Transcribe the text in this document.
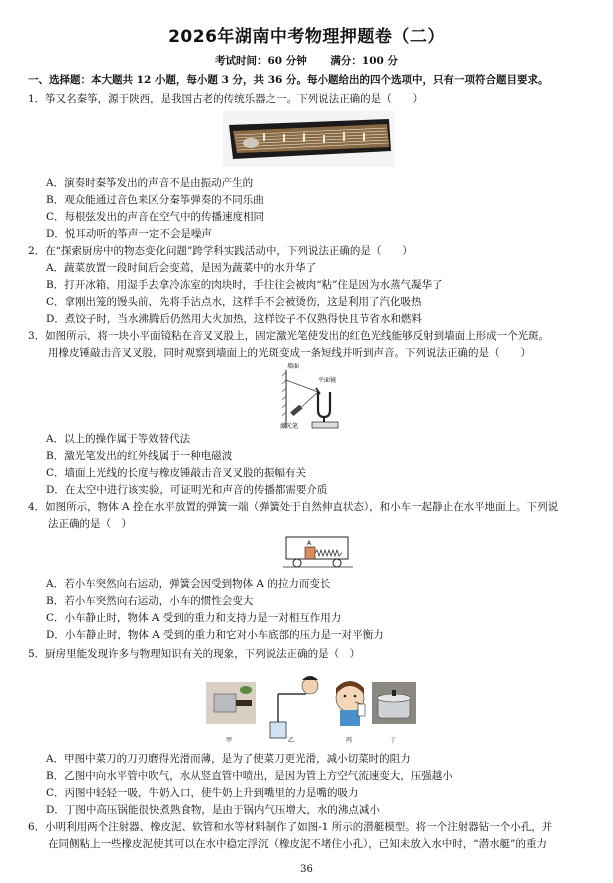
2026年湖南中考物理押题卷（二）
考试时间：60 分钟 满分：100 分
一、选择题：本大题共 12 小题，每小题 3 分，共 36 分。每小题给出的四个选项中，只有一项符合题目要求。
1．筝又名秦筝，源于陕西，是我国古老的传统乐器之一。下列说法正确的是（　　）
A．演奏时秦筝发出的声音不是由振动产生的
B．观众能通过音色来区分秦筝弹奏的不同乐曲
C．每根弦发出的声音在空气中的传播速度相同
D．悦耳动听的筝声一定不会是噪声
2．在“探索厨房中的物态变化问题”跨学科实践活动中，下列说法正确的是（　　）
A．蔬菜放置一段时间后会变蔫，是因为蔬菜中的水升华了
B．打开冰箱，用湿手去拿冷冻室的肉块时，手往往会被肉“粘”住是因为水蒸气凝华了
C．拿刚出笼的馒头前，先将手沾点水，这样手不会被烫伤，这是利用了汽化吸热
D．煮饺子时，当水沸腾后仍然用大火加热，这样饺子不仅熟得快且节省水和燃料
3．如图所示，将一块小平面镜粘在音叉叉股上，固定激光笔使发出的红色光线能够反射到墙面上形成一个光斑。
用橡皮锤敲击音叉叉股，同时观察到墙面上的光斑变成一条短线并听到声音。下列说法正确的是（　　）
墙面
平面镜
激光笔
A．以上的操作属于等效替代法
B．激光笔发出的红外线属于一种电磁波
C．墙面上光线的长度与橡皮锤敲击音叉叉股的振幅有关
D．在太空中进行该实验，可证明光和声音的传播都需要介质
4．如图所示，物体 A 拴在水平放置的弹簧一端（弹簧处于自然伸直状态），和小车一起静止在水平地面上。下列说
法正确的是（　）
A
A．若小车突然向右运动，弹簧会因受到物体 A 的拉力而变长
B．若小车突然向右运动，小车的惯性会变大
C．小车静止时，物体 A 受到的重力和支持力是一对相互作用力
D．小车静止时，物体 A 受到的重力和它对小车底部的压力是一对平衡力
5．厨房里能发现许多与物理知识有关的现象，下列说法正确的是（　）
甲	乙	丙	丁
A．甲图中菜刀的刀刃磨得光滑而薄，是为了使菜刀更光滑，减小切菜时的阻力
B．乙图中向水平管中吹气，水从竖直管中喷出，是因为管上方空气流速变大，压强越小
C．丙图中轻轻一吸，牛奶入口，使牛奶上升到嘴里的力是嘴的吸力
D．丁图中高压锅能很快煮熟食物，是由于锅内气压增大，水的沸点减小
6．小明利用两个注射器、橡皮泥、软管和水等材料制作了如图-1 所示的潜艇模型。将一个注射器钻一个小孔，并
在同侧粘上一些橡皮泥使其可以在水中稳定浮沉（橡皮泥不堵住小孔），已知未放入水中时，“潜水艇”的重力
36
